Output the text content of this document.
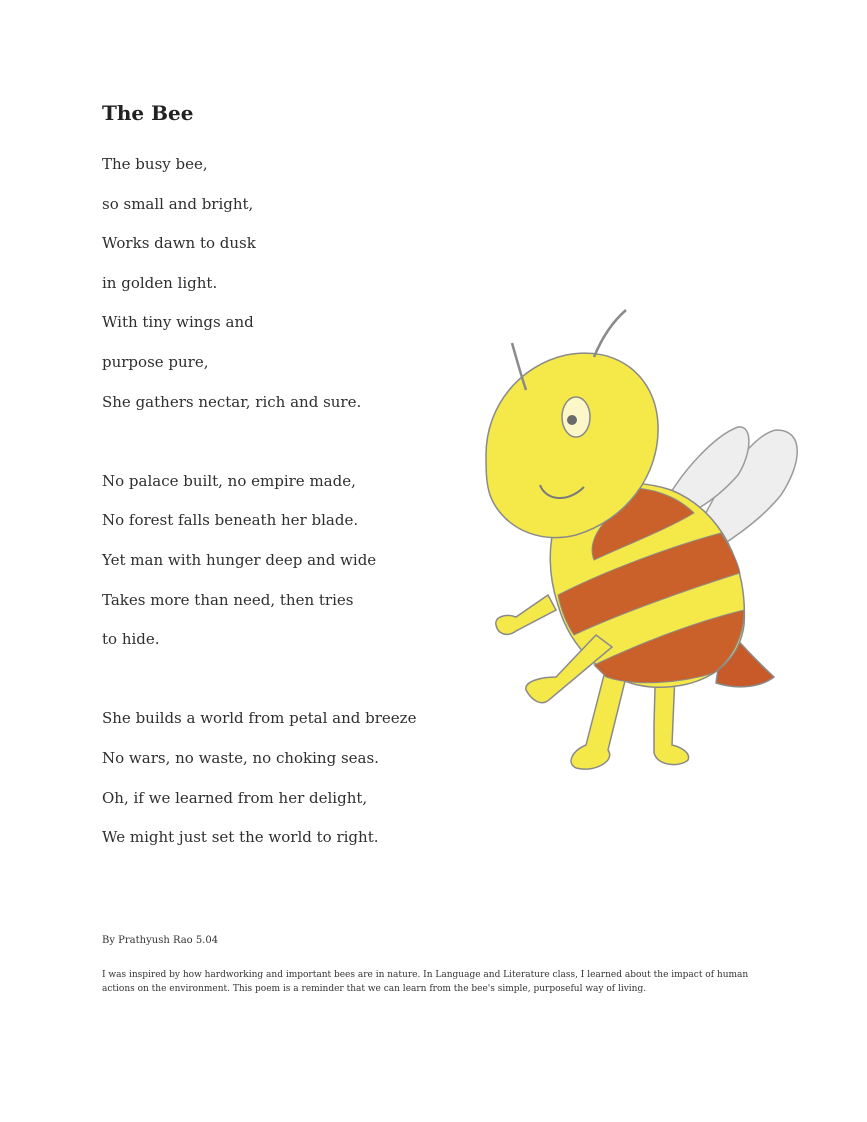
The Bee
The busy bee,
so small and bright,
Works dawn to dusk
in golden light.
With tiny wings and
purpose pure,
She gathers nectar, rich and sure.
No palace built, no empire made,
No forest falls beneath her blade.
Yet man with hunger deep and wide
Takes more than need, then tries
to hide.
She builds a world from petal and breeze
No wars, no waste, no choking seas.
Oh, if we learned from her delight,
We might just set the world to right.
By Prathyush Rao 5.04
I was inspired by how hardworking and important bees are in nature. In Language and Literature class, I learned about the impact of human actions on the environment. This poem is a reminder that we can learn from the bee's simple, purposeful way of living.
